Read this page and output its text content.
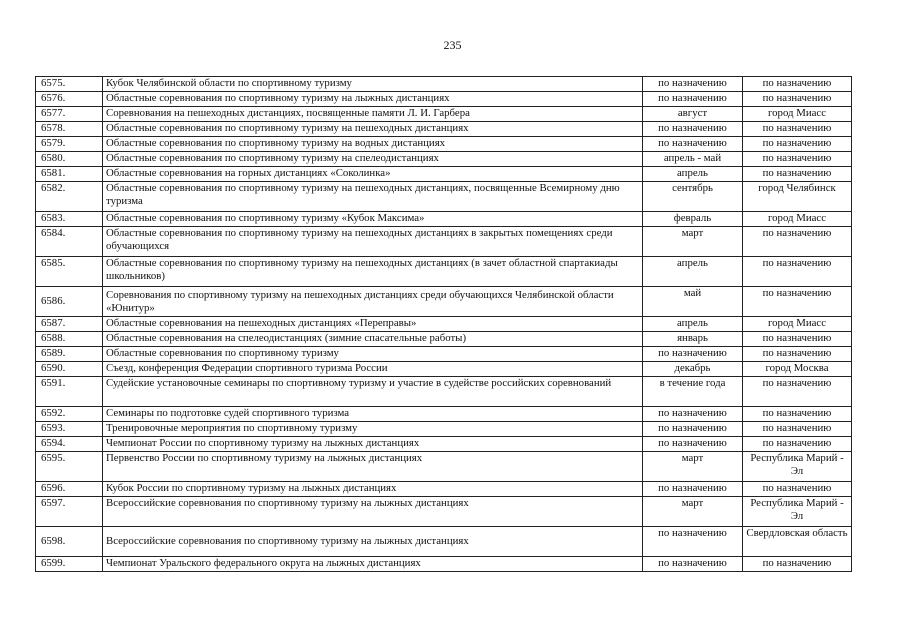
235
6575.	Кубок Челябинской области по спортивному туризму	по назначению	по назначению
6576.	Областные соревнования по спортивному туризму на лыжных дистанциях	по назначению	по назначению
6577.	Соревнования на пешеходных дистанциях, посвященные памяти Л. И. Гарбера	август	город Миасс
6578.	Областные соревнования по спортивному туризму на пешеходных дистанциях	по назначению	по назначению
6579.	Областные соревнования по спортивному туризму на водных дистанциях	по назначению	по назначению
6580.	Областные соревнования по спортивному туризму на спелеодистанциях	апрель - май	по назначению
6581.	Областные соревнования на горных дистанциях «Соколинка»	апрель	по назначению
6582.	Областные соревнования по спортивному туризму на пешеходных дистанциях, посвященные Всемирному дню туризма	сентябрь	город Челябинск
6583.	Областные соревнования по спортивному туризму «Кубок Максима»	февраль	город Миасс
6584.	Областные соревнования по спортивному туризму на пешеходных дистанциях в закрытых помещениях среди обучающихся	март	по назначению
6585.	Областные соревнования по спортивному туризму на пешеходных дистанциях (в зачет областной спартакиады школьников)	апрель	по назначению
6586.	Соревнования по спортивному туризму на пешеходных дистанциях среди обучающихся Челябинской области «Юнитур»	май	по назначению
6587.	Областные соревнования на пешеходных дистанциях «Переправы»	апрель	город Миасс
6588.	Областные соревнования на спелеодистанциях (зимние спасательные работы)	январь	по назначению
6589.	Областные соревнования по спортивному туризму	по назначению	по назначению
6590.	Съезд, конференция Федерации спортивного туризма России	декабрь	город Москва
6591.	Судейские установочные семинары по спортивному туризму и участие в судействе российских соревнований	в течение года	по назначению
6592.	Семинары по подготовке судей спортивного туризма	по назначению	по назначению
6593.	Тренировочные мероприятия по спортивному туризму	по назначению	по назначению
6594.	Чемпионат России по спортивному туризму на лыжных дистанциях	по назначению	по назначению
6595.	Первенство России по спортивному туризму на лыжных дистанциях	март	Республика Марий - Эл
6596.	Кубок России по спортивному туризму на лыжных дистанциях	по назначению	по назначению
6597.	Всероссийские соревнования по спортивному туризму на лыжных дистанциях	март	Республика Марий - Эл
6598.	Всероссийские соревнования по спортивному туризму на лыжных дистанциях	по назначению	Свердловская область
6599.	Чемпионат Уральского федерального округа на лыжных дистанциях	по назначению	по назначению
